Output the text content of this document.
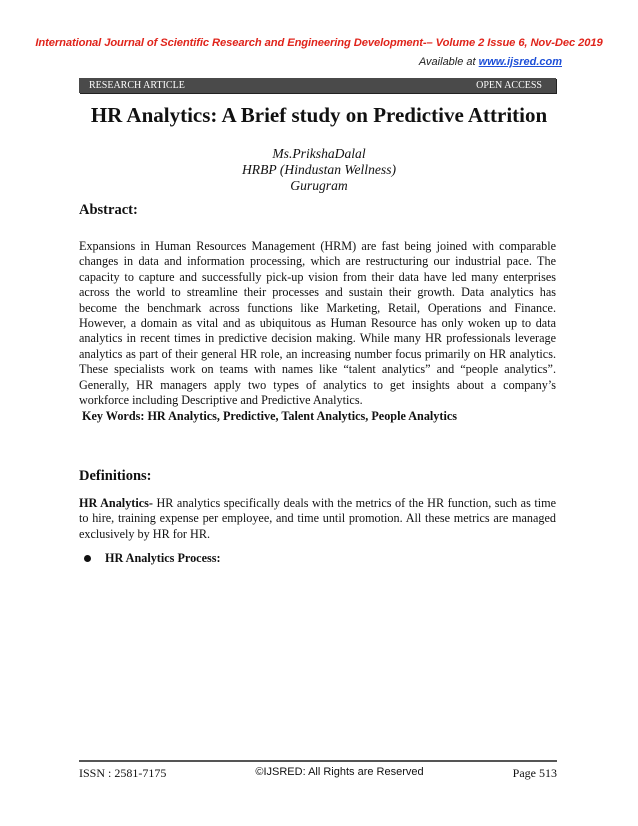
International Journal of Scientific Research and Engineering Development-– Volume 2 Issue 6, Nov-Dec 2019
Available at www.ijsred.com
RESEARCH ARTICLE	OPEN ACCESS
HR Analytics: A Brief study on Predictive Attrition
Ms.PrikshaDalal
HRBP (Hindustan Wellness)
Gurugram
Abstract:

Expansions in Human Resources Management (HRM) are fast being joined with comparable changes in data and information processing, which are restructuring our industrial pace. The capacity to capture and successfully pick-up vision from their data have led many enterprises across the world to streamline their processes and sustain their growth. Data analytics has become the benchmark across functions like Marketing, Retail, Operations and Finance. However, a domain as vital and as ubiquitous as Human Resource has only woken up to data analytics in recent times in predictive decision making. While many HR professionals leverage analytics as part of their general HR role, an increasing number focus primarily on HR analytics. These specialists work on teams with names like “talent analytics” and “people analytics”. Generally, HR managers apply two types of analytics to get insights about a company’s workforce including Descriptive and Predictive Analytics.

Key Words: HR Analytics, Predictive, Talent Analytics, People Analytics
Definitions:

HR Analytics- HR analytics specifically deals with the metrics of the HR function, such as time to hire, training expense per employee, and time until promotion. All these metrics are managed exclusively by HR for HR.

HR Analytics Process:
ISSN : 2581-7175	©IJSRED: All Rights are Reserved	Page 513
